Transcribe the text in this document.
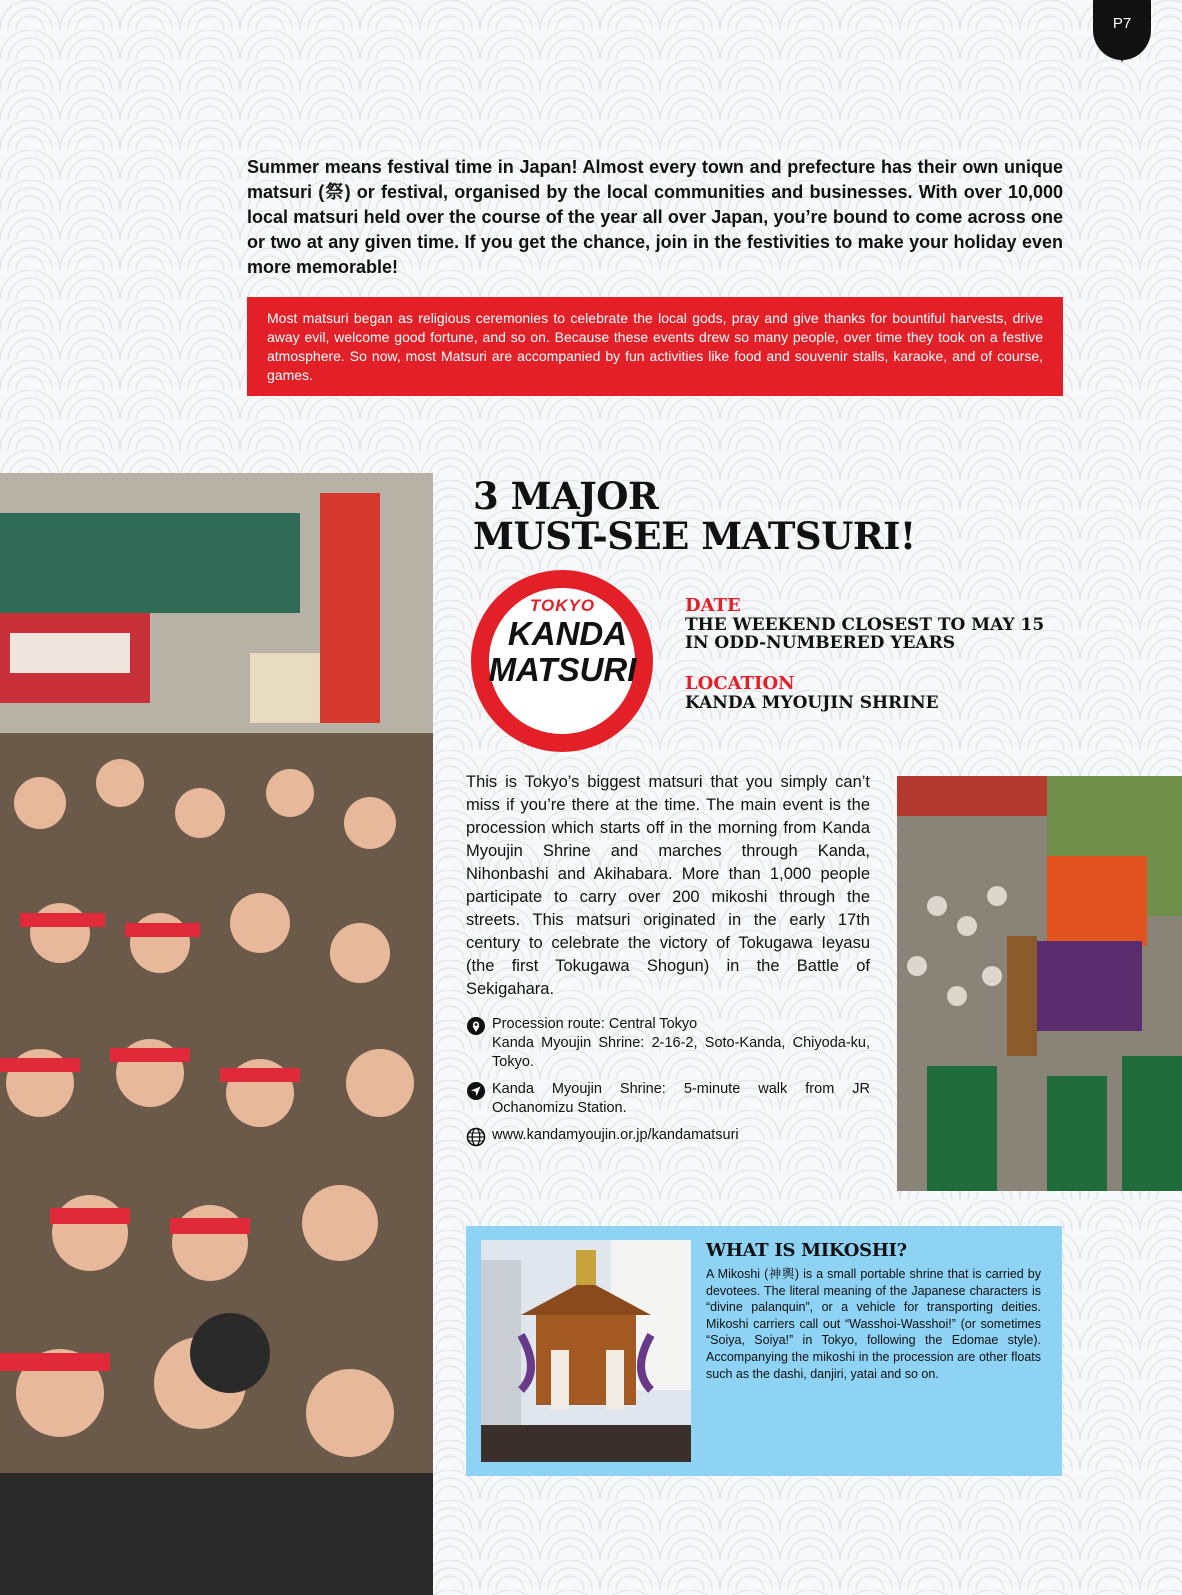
P7

Summer means festival time in Japan! Almost every town and prefecture has their own unique matsuri (祭) or festival, organised by the local communities and businesses. With over 10,000 local matsuri held over the course of the year all over Japan, you’re bound to come across one or two at any given time. If you get the chance, join in the festivities to make your holiday even more memorable!

Most matsuri began as religious ceremonies to celebrate the local gods, pray and give thanks for bountiful harvests, drive away evil, welcome good fortune, and so on. Because these events drew so many people, over time they took on a festive atmosphere. So now, most Matsuri are accompanied by fun activities like food and souvenir stalls, karaoke, and of course, games.
3 MAJOR
MUST-SEE MATSURI!
TOKYO
KANDA
MATSURI
DATE
THE WEEKEND CLOSEST TO MAY 15
IN ODD-NUMBERED YEARS
LOCATION
KANDA MYOUJIN SHRINE

This is Tokyo’s biggest matsuri that you simply can’t miss if you’re there at the time. The main event is the procession which starts off in the morning from Kanda Myoujin Shrine and marches through Kanda, Nihonbashi and Akihabara. More than 1,000 people participate to carry over 200 mikoshi through the streets. This matsuri originated in the early 17th century to celebrate the victory of Tokugawa Ieyasu (the first Tokugawa Shogun) in the Battle of Sekigahara.

Procession route: Central Tokyo
Kanda Myoujin Shrine: 2-16-2, Soto-Kanda, Chiyoda-ku, Tokyo.
Kanda Myoujin Shrine: 5-minute walk from JR Ochanomizu Station.
www.kandamyoujin.or.jp/kandamatsuri
WHAT IS MIKOSHI?

A Mikoshi (神輿) is a small portable shrine that is carried by devotees. The literal meaning of the Japanese characters is “divine palanquin”, or a vehicle for transporting deities. Mikoshi carriers call out “Wasshoi-Wasshoi!” (or sometimes “Soiya, Soiya!” in Tokyo, following the Edomae style). Accompanying the mikoshi in the procession are other floats such as the dashi, danjiri, yatai and so on.
